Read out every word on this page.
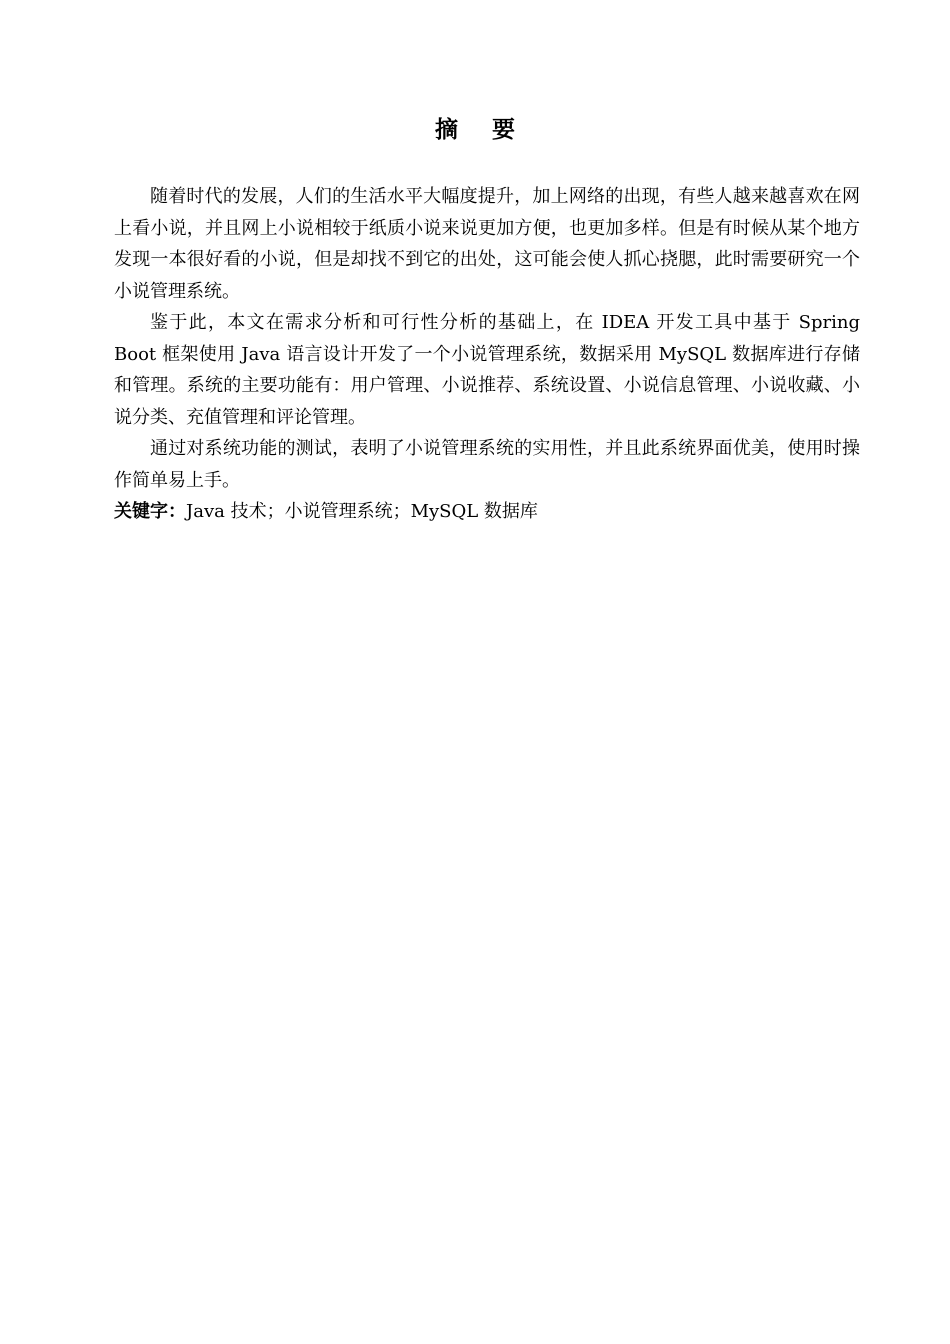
摘 要

随着时代的发展，人们的生活水平大幅度提升，加上网络的出现，有些人越来越喜欢在网上看小说，并且网上小说相较于纸质小说来说更加方便，也更加多样。但是有时候从某个地方发现一本很好看的小说，但是却找不到它的出处，这可能会使人抓心挠腮，此时需要研究一个小说管理系统。

鉴于此，本文在需求分析和可行性分析的基础上，在 IDEA 开发工具中基于 Spring Boot 框架使用 Java 语言设计开发了一个小说管理系统，数据采用 MySQL 数据库进行存储和管理。系统的主要功能有：用户管理、小说推荐、系统设置、小说信息管理、小说收藏、小说分类、充值管理和评论管理。

通过对系统功能的测试，表明了小说管理系统的实用性，并且此系统界面优美，使用时操作简单易上手。

关键字：Java 技术；小说管理系统；MySQL 数据库
